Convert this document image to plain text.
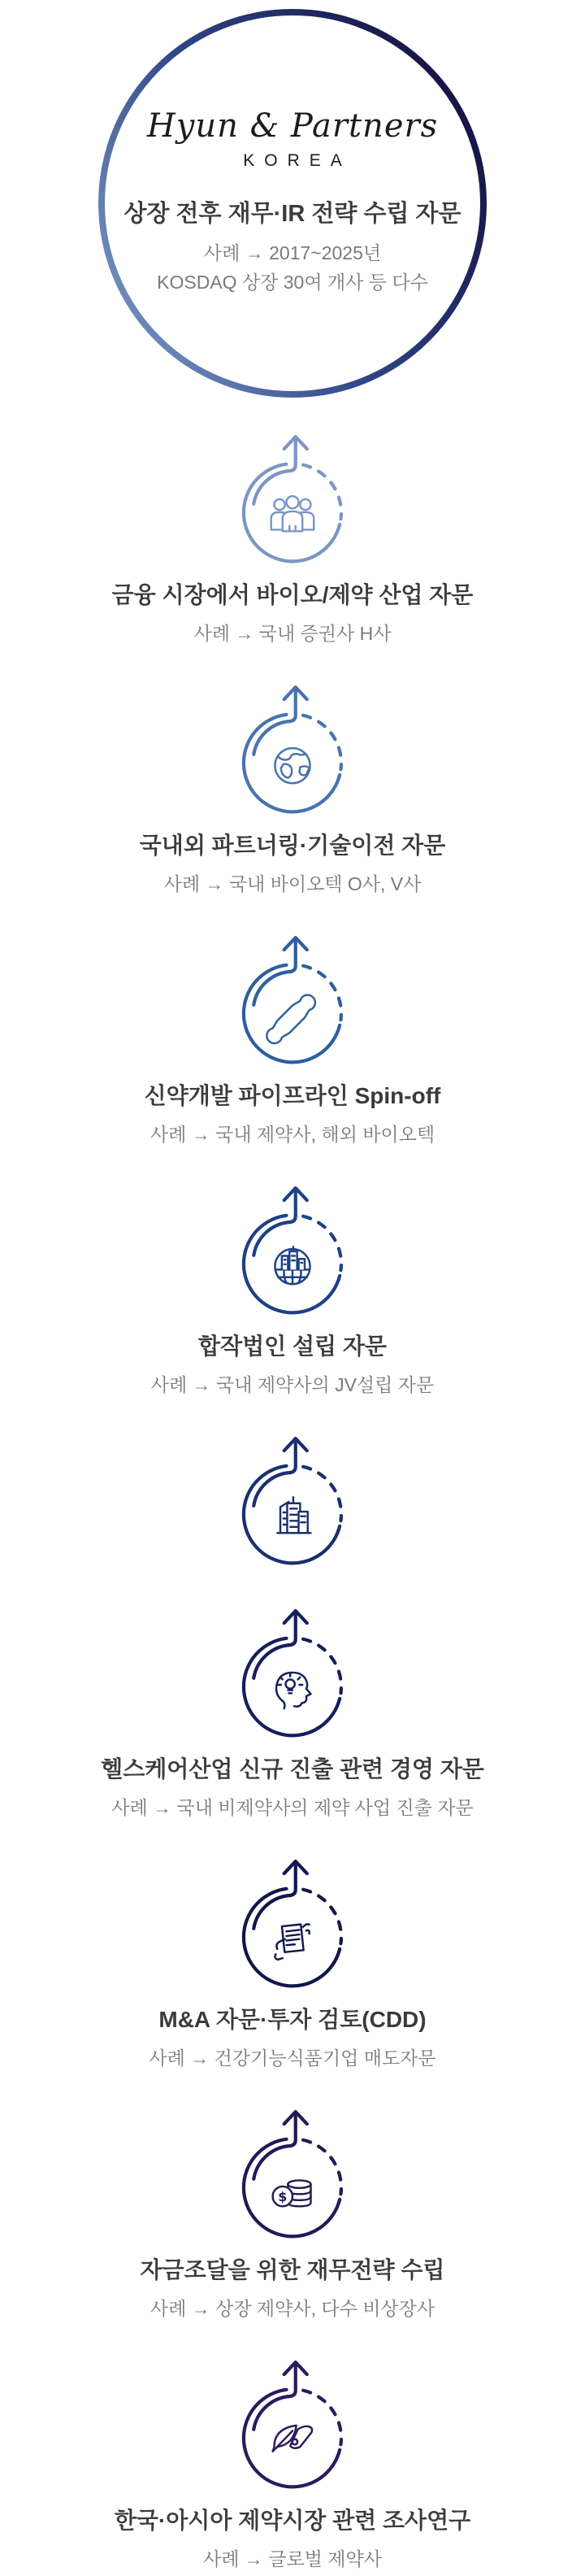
Hyun & Partners
KOREA
상장 전후 재무·IR 전략 수립 자문
사례 → 2017~2025년
KOSDAQ 상장 30여 개사 등 다수
금융 시장에서 바이오/제약 산업 자문

사례 → 국내 증권사 H사

국내외 파트너링·기술이전 자문

사례 → 국내 바이오텍 O사, V사

신약개발 파이프라인 Spin-off

사례 → 국내 제약사, 해외 바이오텍

합작법인 설립 자문

사례 → 국내 제약사의 JV설립 자문

헬스케어산업 신규 진출 관련 경영 자문

사례 → 국내 비제약사의 제약 사업 진출 자문

M&A 자문·투자 검토(CDD)

사례 → 건강기능식품기업 매도자문

$
자금조달을 위한 재무전략 수립

사례 → 상장 제약사, 다수 비상장사

한국·아시아 제약시장 관련 조사연구

사례 → 글로벌 제약사
